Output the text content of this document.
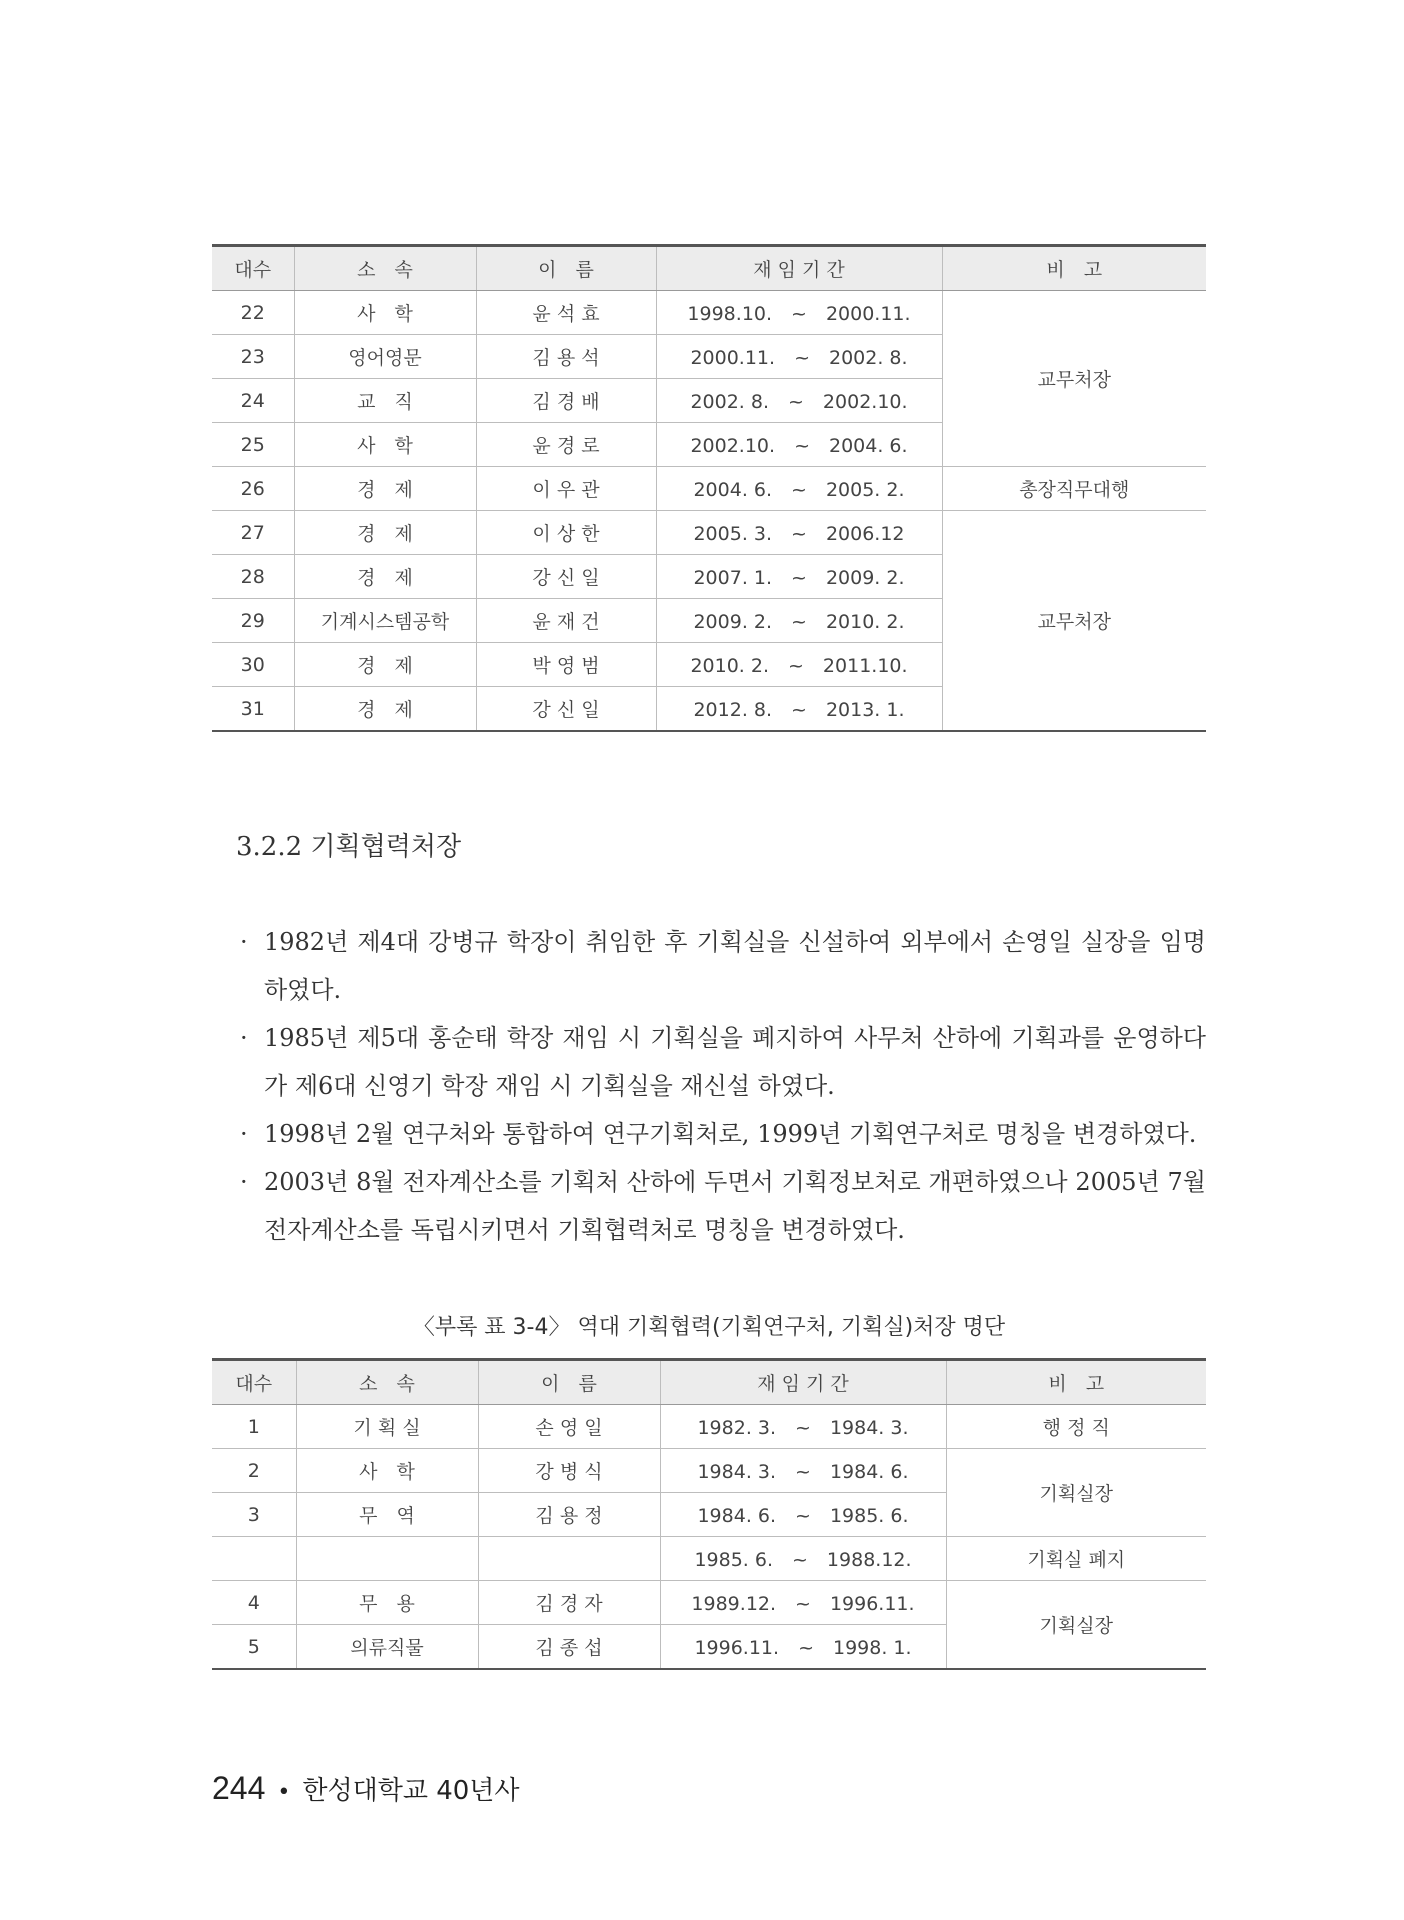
대수	소　속	이　름	재 임 기 간	비　고
22	사　학	윤 석 효	1998.10.　~　2000.11.	교무처장
23	영어영문	김 용 석	2000.11.　~　2002. 8.	
24	교　직	김 경 배	2002. 8.　~　2002.10.	
25	사　학	윤 경 로	2002.10.　~　2004. 6.	
26	경　제	이 우 관	2004. 6.　~　2005. 2.	총장직무대행
27	경　제	이 상 한	2005. 3.　~　2006.12	교무처장
28	경　제	강 신 일	2007. 1.　~　2009. 2.	
29	기계시스템공학	윤 재 건	2009. 2.　~　2010. 2.	
30	경　제	박 영 범	2010. 2.　~　2011.10.	
31	경　제	강 신 일	2012. 8.　~　2013. 1.	
3.2.2 기획협력처장
· 1982년 제4대 강병규 학장이 취임한 후 기획실을 신설하여 외부에서 손영일 실장을 임명하였다.
· 1985년 제5대 홍순태 학장 재임 시 기획실을 폐지하여 사무처 산하에 기획과를 운영하다가 제6대 신영기 학장 재임 시 기획실을 재신설 하였다.
· 1998년 2월 연구처와 통합하여 연구기획처로, 1999년 기획연구처로 명칭을 변경하였다.
· 2003년 8월 전자계산소를 기획처 산하에 두면서 기획정보처로 개편하였으나 2005년 7월 전자계산소를 독립시키면서 기획협력처로 명칭을 변경하였다.
〈부록 표 3-4〉 역대 기획협력(기획연구처, 기획실)처장 명단
대수	소　속	이　름	재 임 기 간	비　고
1	기 획 실	손 영 일	1982. 3.　~　1984. 3.	행 정 직
2	사　학	강 병 식	1984. 3.　~　1984. 6.	기획실장
3	무　역	김 용 정	1984. 6.　~　1985. 6.	
			1985. 6.　~　1988.12.	기획실 폐지
4	무　용	김 경 자	1989.12.　~　1996.11.	기획실장
5	의류직물	김 종 섭	1996.11.　~　1998. 1.	
244 • 한성대학교 40년사
